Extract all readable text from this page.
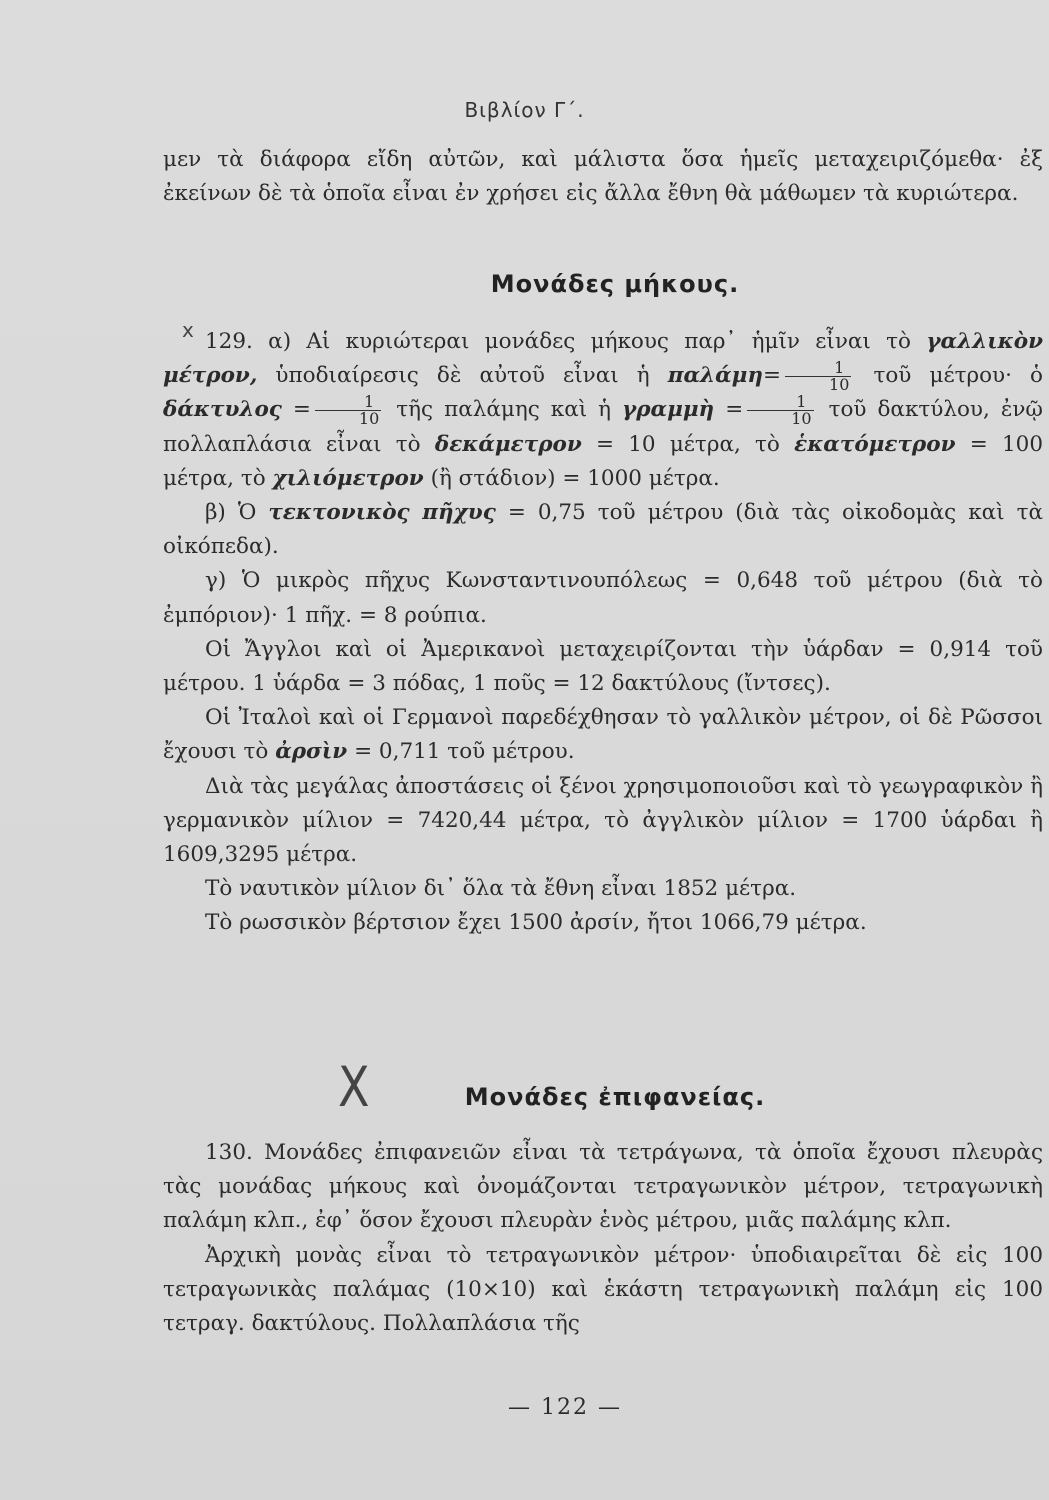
Βιβλίον Γ΄.
μεν τὰ διάφορα εἴδη αὐτῶν, καὶ μάλιστα ὅσα ἡμεῖς μεταχειριζόμεθα· ἐξ ἐκείνων δὲ τὰ ὁποῖα εἶναι ἐν χρήσει εἰς ἄλλα ἔθνη θὰ μάθωμεν τὰ κυριώτερα.
Μονάδες μήκους.
x 129. α) Αἱ κυριώτεραι μονάδες μήκους παρ᾽ ἡμῖν εἶναι τὸ γαλλικὸν μέτρον, ὑποδιαίρεσις δὲ αὐτοῦ εἶναι ἡ $\pi\alpha\lambda ά\mu\eta= \frac{1}{10}$ τοῦ μέτρου· ὁ $\delta ά\kappa\tau\upsilon\lambda o\varsigma = \frac{1}{10}$ τῆς παλάμης καὶ ἡ γραμμὴ = $\frac{1}{10}$ τοῦ δακτύλου, ἐνῷ πολλαπλάσια εἶναι τὸ δεκάμετρον = 10 μέτρα, τὸ ἑκατόμετρον = 100 μέτρα, τὸ χιλιόμετρον (ἢ στάδιον) = 1000 μέτρα.
β) Ὁ τεκτονικὸς πῆχυς = 0,75 τοῦ μέτρου (διὰ τὰς οἰκοδομὰς καὶ τὰ οἰκόπεδα).
γ) Ὁ μικρὸς πῆχυς Κωνσταντινουπόλεως = 0,648 τοῦ μέτρου (διὰ τὸ ἐμπόριον)· 1 πῆχ. = 8 ρούπια.
Οἱ Ἄγγλοι καὶ οἱ Ἀμερικανοὶ μεταχειρίζονται τὴν ὑάρδαν = 0,914 τοῦ μέτρου. 1 ὑάρδα = 3 πόδας, 1 ποῦς = 12 δακτύλους (ἴντσες).
Οἱ Ἰταλοὶ καὶ οἱ Γερμανοὶ παρεδέχθησαν τὸ γαλλικὸν μέτρον, οἱ δὲ Ρῶσσοι ἔχουσι τὸ ἀρσὶν = 0,711 τοῦ μέτρου.
Διὰ τὰς μεγάλας ἀποστάσεις οἱ ξένοι χρησιμοποιοῦσι καὶ τὸ γεωγραφικὸν ἢ γερμανικὸν μίλιον = 7420,44 μέτρα, τὸ ἀγγλικὸν μίλιον = 1700 ὑάρδαι ἢ 1609,3295 μέτρα.
Τὸ ναυτικὸν μίλιον δι᾽ ὅλα τὰ ἔθνη εἶναι 1852 μέτρα.
Τὸ ρωσσικὸν βέρτσιον ἔχει 1500 ἀρσίν, ἤτοι 1066,79 μέτρα.
X	Μονάδες ἐπιφανείας.
130. Μονάδες ἐπιφανειῶν εἶναι τὰ τετράγωνα, τὰ ὁποῖα ἔχουσι πλευρὰς τὰς μονάδας μήκους καὶ ὀνομάζονται τετραγωνικὸν μέτρον, τετραγωνικὴ παλάμη κλπ., ἐφ᾽ ὅσον ἔχουσι πλευρὰν ἑνὸς μέτρου, μιᾶς παλάμης κλπ.
Ἀρχικὴ μονὰς εἶναι τὸ τετραγωνικὸν μέτρον· ὑποδιαιρεῖται δὲ εἰς 100 τετραγωνικὰς παλάμας (10×10) καὶ ἑκάστη τετραγωνικὴ παλάμη εἰς 100 τετραγ. δακτύλους. Πολλαπλάσια τῆς
— 122 —
